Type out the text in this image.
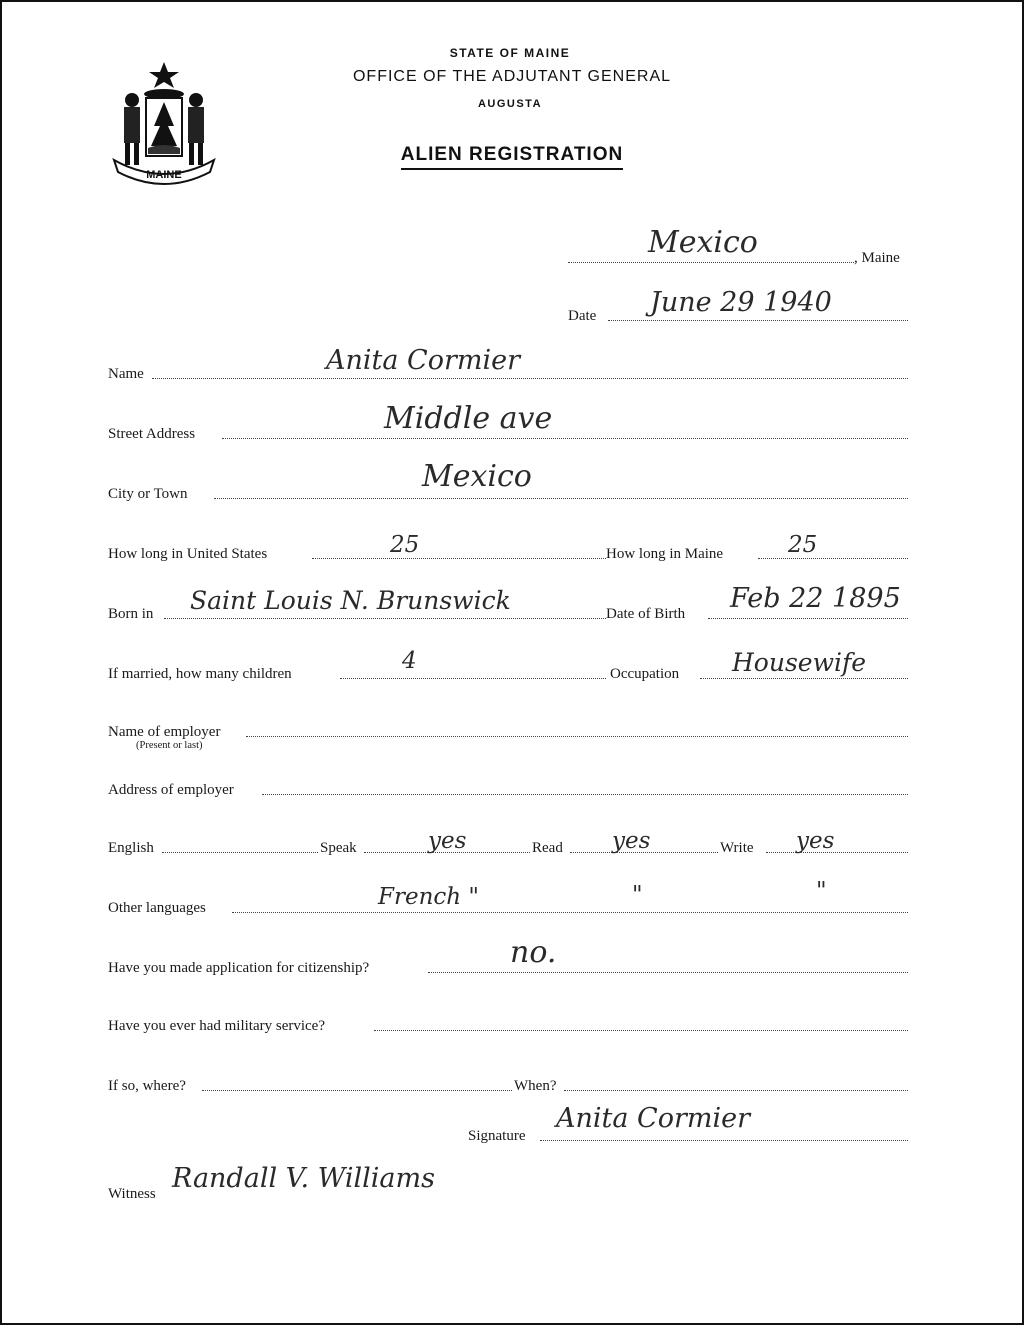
MAINE
STATE OF MAINE
OFFICE OF THE ADJUTANT GENERAL
AUGUSTA
ALIEN REGISTRATION
Mexico	, Maine
Date June 29 1940
Name	Anita Cormier
Street Address	Middle ave
City or Town	Mexico
How long in United States	25	How long in Maine	25
Born in Saint Louis N. Brunswick	Date of Birth Feb 22 1895
If married, how many children	4	Occupation Housewife
Name of employer
(Present or last)
Address of employer
English	Speak	yes	Read yes	Write yes
Other languages	French "	"	"
Have you made application for citizenship?	no.
Have you ever had military service?
If so, where?	When?
Signature
Anita Cormier
Witness Randall V. Williams
